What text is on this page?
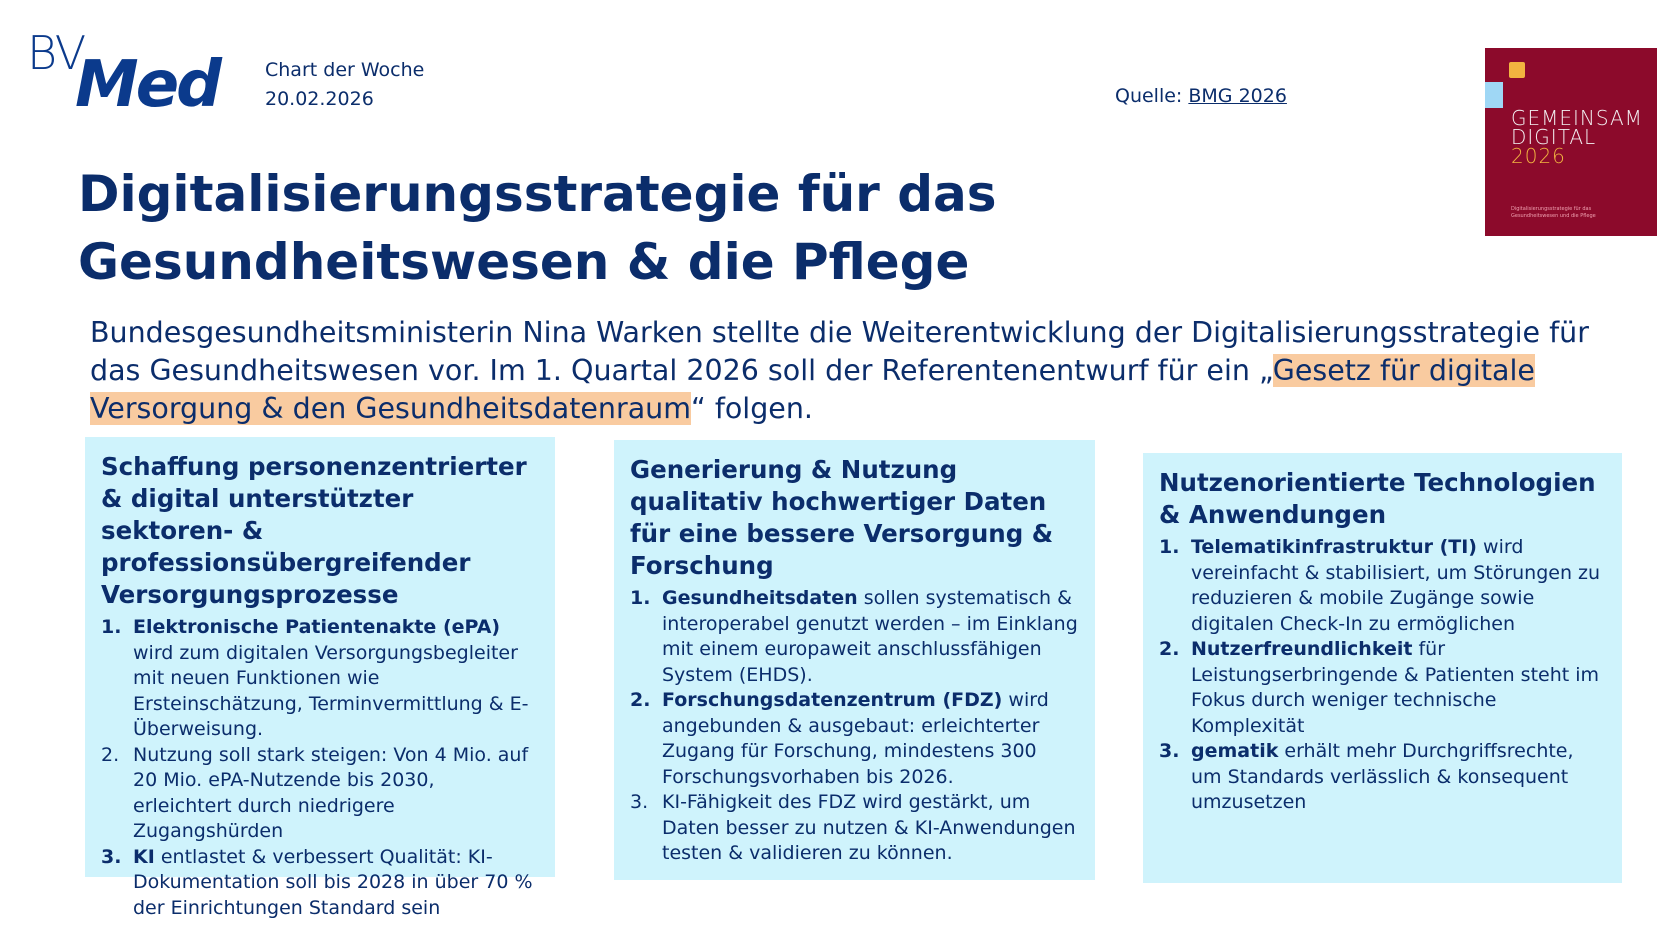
BV
Med Chart der Woche
20.02.2026	Quelle: BMG 2026
GEMEINSAM
DIGITAL
2026
Digitalisierungsstrategie für das Gesundheitswesen und die Pflege
Digitalisierungsstrategie für das Gesundheitswesen & die Pflege
Bundesgesundheitsministerin Nina Warken stellte die Weiterentwicklung der Digitalisierungsstrategie für das Gesundheitswesen vor. Im 1. Quartal 2026 soll der Referentenentwurf für ein „Gesetz für digitale Versorgung & den Gesundheitsdatenraum“ folgen.
Schaffung personenzentrierter & digital unterstützter sektoren- & professionsübergreifender Versorgungsprozesse
1. Elektronische Patientenakte (ePA) wird zum digitalen Versorgungsbegleiter mit neuen Funktionen wie Ersteinschätzung, Terminvermittlung & E-Überweisung.
2. Nutzung soll stark steigen: Von 4 Mio. auf 20 Mio. ePA-Nutzende bis 2030, erleichtert durch niedrigere Zugangshürden
3. KI entlastet & verbessert Qualität: KI-Dokumentation soll bis 2028 in über 70 % der Einrichtungen Standard sein
Generierung & Nutzung qualitativ hochwertiger Daten für eine bessere Versorgung & Forschung
1. Gesundheitsdaten sollen systematisch & interoperabel genutzt werden – im Einklang mit einem europaweit anschlussfähigen System (EHDS).
2. Forschungsdatenzentrum (FDZ) wird angebunden & ausgebaut: erleichterter Zugang für Forschung, mindestens 300 Forschungsvorhaben bis 2026.
3. KI-Fähigkeit des FDZ wird gestärkt, um Daten besser zu nutzen & KI-Anwendungen testen & validieren zu können.
Nutzenorientierte Technologien & Anwendungen
1. Telematikinfrastruktur (TI) wird vereinfacht & stabilisiert, um Störungen zu reduzieren & mobile Zugänge sowie digitalen Check-In zu ermöglichen
2. Nutzerfreundlichkeit für Leistungserbringende & Patienten steht im Fokus durch weniger technische Komplexität
3. gematik erhält mehr Durchgriffsrechte, um Standards verlässlich & konsequent umzusetzen
